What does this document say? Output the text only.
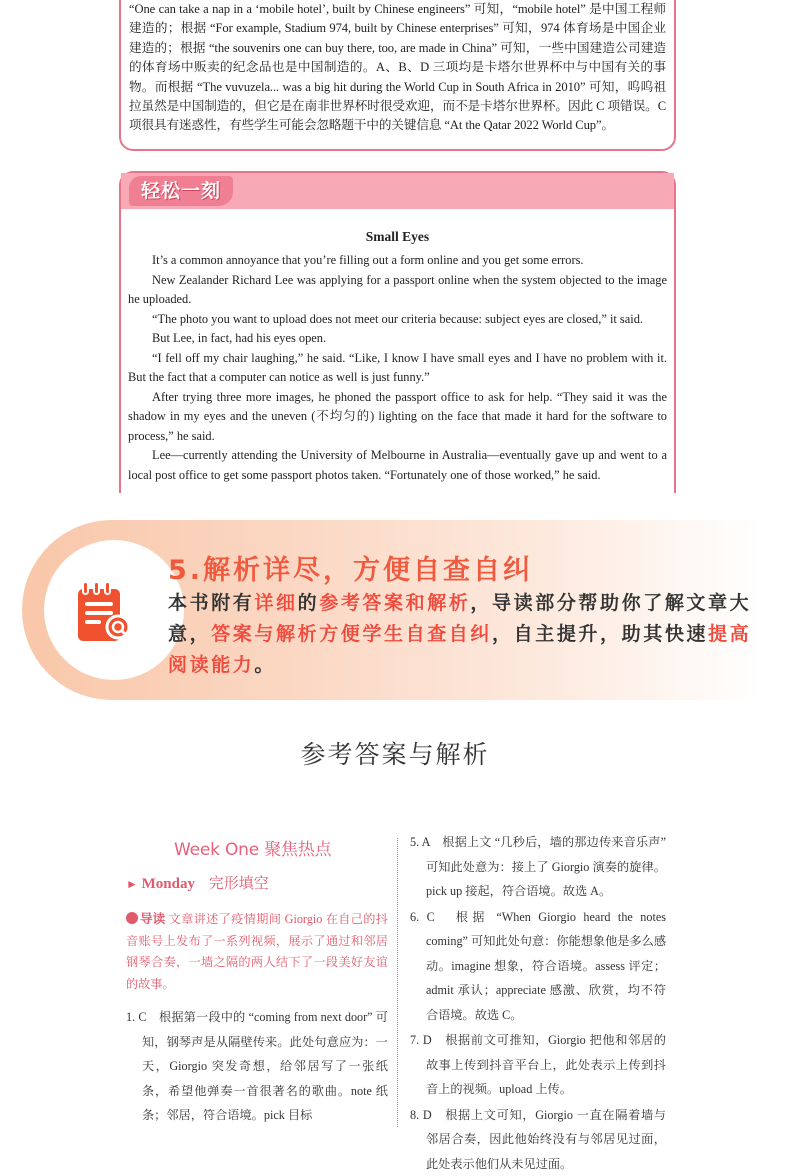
“One can take a nap in a ‘mobile hotel’, built by Chinese engineers” 可知，“mobile hotel” 是中国工程师建造的；根据 “For example, Stadium 974, built by Chinese enterprises” 可知，974 体育场是中国企业建造的；根据 “the souvenirs one can buy there, too, are made in China” 可知，一些中国建造公司建造的体育场中贩卖的纪念品也是中国制造的。A、B、D 三项均是卡塔尔世界杯中与中国有关的事物。而根据 “The vuvuzela... was a big hit during the World Cup in South Africa in 2010” 可知，呜呜祖拉虽然是中国制造的，但它是在南非世界杯时很受欢迎，而不是卡塔尔世界杯。因此 C 项错误。C 项很具有迷惑性，有些学生可能会忽略题干中的关键信息 “At the Qatar 2022 World Cup”。

轻松一刻
Small Eyes

It’s a common annoyance that you’re filling out a form online and you get some errors.

New Zealander Richard Lee was applying for a passport online when the system objected to the image he uploaded.

“The photo you want to upload does not meet our criteria because: subject eyes are closed,” it said.

But Lee, in fact, had his eyes open.

“I fell off my chair laughing,” he said. “Like, I know I have small eyes and I have no problem with it. But the fact that a computer can notice as well is just funny.”

After trying three more images, he phoned the passport office to ask for help. “They said it was the shadow in my eyes and the uneven (不均匀的) lighting on the face that made it hard for the software to process,” he said.

Lee—currently attending the University of Melbourne in Australia—eventually gave up and went to a local post office to get some passport photos taken. “Fortunately one of those worked,” he said.

5.解析详尽，方便自查自纠
本书附有详细的参考答案和解析，导读部分帮助你了解文章大意，答案与解析方便学生自查自纠，自主提升，助其快速提高阅读能力。
参考答案与解析
Week One 聚焦热点
► Monday 完形填空
导读 文章讲述了疫情期间 Giorgio 在自己的抖音账号上发布了一系列视频，展示了通过和邻居钢琴合奏，一墙之隔的两人结下了一段美好友谊的故事。
1. C　根据第一段中的 “coming from next door” 可知，钢琴声是从隔壁传来。此处句意应为：一天，Giorgio 突发奇想，给邻居写了一张纸条，希望他弹奏一首很著名的歌曲。note 纸条；邻居，符合语境。pick 目标
5. A　根据上文 “几秒后，墙的那边传来音乐声” 可知此处意为：接上了 Giorgio 演奏的旋律。pick up 接起，符合语境。故选 A。
6. C　根据 “When Giorgio heard the notes coming” 可知此处句意：你能想象他是多么感动。imagine 想象，符合语境。assess 评定；admit 承认；appreciate 感激、欣赏，均不符合语境。故选 C。
7. D　根据前文可推知，Giorgio 把他和邻居的故事上传到抖音平台上，此处表示上传到抖音上的视频。upload 上传。
8. D　根据上文可知，Giorgio 一直在隔着墙与邻居合奏，因此他始终没有与邻居见过面，此处表示他们从未见过面。
